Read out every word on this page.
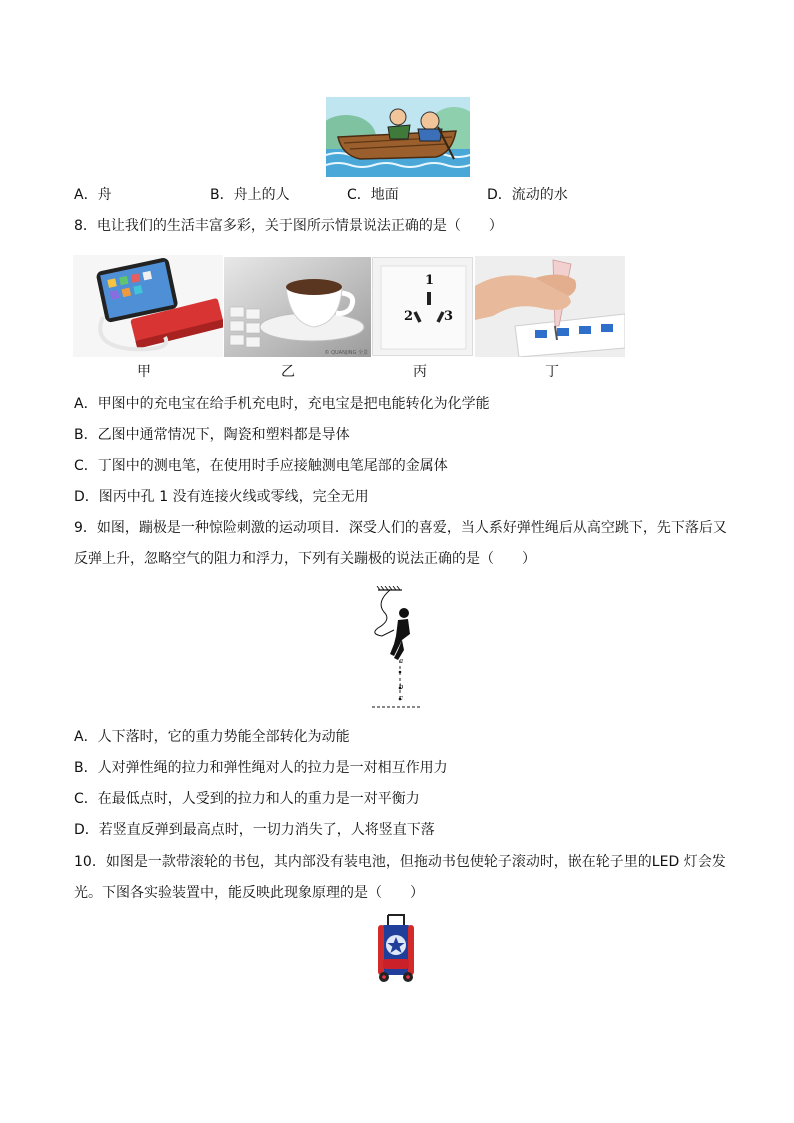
A．舟	B．舟上的人	C．地面	D．流动的水
8．电让我们的生活丰富多彩，关于图所示情景说法正确的是（　　）
© QUANJING 全景
1
2 3
甲	乙	丙	丁
A．甲图中的充电宝在给手机充电时，充电宝是把电能转化为化学能
B．乙图中通常情况下，陶瓷和塑料都是导体
C．丁图中的测电笔，在使用时手应接触测电笔尾部的金属体
D．图丙中孔 1 没有连接火线或零线，完全无用
9．如图，蹦极是一种惊险刺激的运动项目．深受人们的喜爱，当人系好弹性绳后从高空跳下，先下落后又
反弹上升，忽略空气的阻力和浮力，下列有关蹦极的说法正确的是（　　）
P
a
b
c
A．人下落时，它的重力势能全部转化为动能
B．人对弹性绳的拉力和弹性绳对人的拉力是一对相互作用力
C．在最低点时，人受到的拉力和人的重力是一对平衡力
D．若竖直反弹到最高点时，一切力消失了，人将竖直下落
10．如图是一款带滚轮的书包，其内部没有装电池，但拖动书包使轮子滚动时，嵌在轮子里的LED 灯会发
光。下图各实验装置中，能反映此现象原理的是（　　）
